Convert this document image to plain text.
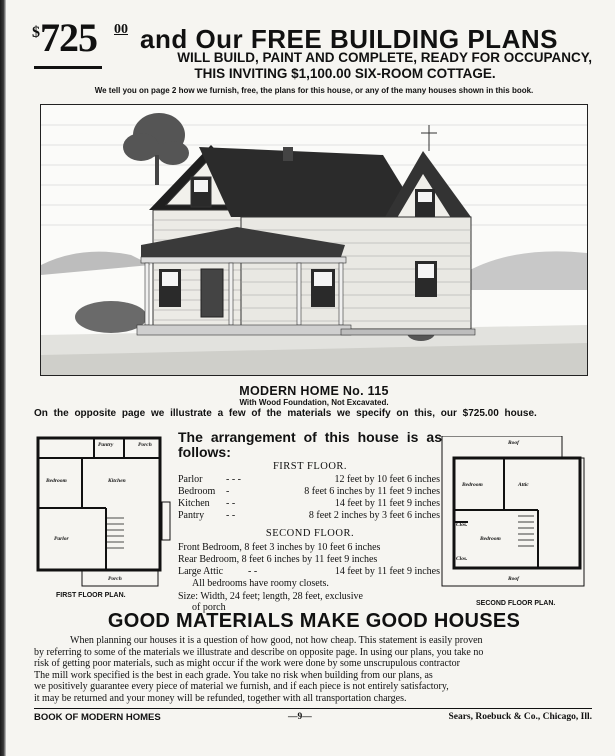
$ 725 00 and Our FREE BUILDING PLANS
WILL BUILD, PAINT AND COMPLETE, READY FOR OCCUPANCY,
THIS INVITING $1,100.00 SIX-ROOM COTTAGE.
We tell you on page 2 how we furnish, free, the plans for this house, or any of the many houses shown in this book.
MODERN HOME No. 115
With Wood Foundation, Not Excavated.
On the opposite page we illustrate a few of the materials we specify on this, our $725.00 house.
Pantry	Porch
Bedroom	Kitchen
Parlor
Porch
FIRST FLOOR PLAN.
The arrangement of this house is as follows:
FIRST FLOOR.
Parlor - - -	12 feet by 10 feet 6 inches
Bedroom -	8 feet 6 inches by 11 feet 9 inches
Kitchen - -	14 feet by 11 feet 9 inches
Pantry - -	8 feet 2 inches by 3 feet 6 inches
SECOND FLOOR.
Front Bedroom, 8 feet 3 inches by 10 feet 6 inches
Rear Bedroom, 8 feet 6 inches by 11 feet 9 inches
Large Attic - -	14 feet by 11 feet 9 inches
All bedrooms have roomy closets.
Size: Width, 24 feet; length, 28 feet, exclusive
of porch
Roof
Bedroom	Attic
Bedroom
Roof
Clos.
Clos.
SECOND FLOOR PLAN.
GOOD MATERIALS MAKE GOOD HOUSES
When planning our houses it is a question of how good, not how cheap. This statement is easily proven
by referring to some of the materials we illustrate and describe on opposite page. In using our plans, you take no
risk of getting poor materials, such as might occur if the work were done by some unscrupulous contractor
The mill work specified is the best in each grade. You take no risk when building from our plans, as
we positively guarantee every piece of material we furnish, and if each piece is not entirely satisfactory,
it may be returned and your money will be refunded, together with all transportation charges.
BOOK OF MODERN HOMES	—9—	Sears, Roebuck & Co., Chicago, Ill.
